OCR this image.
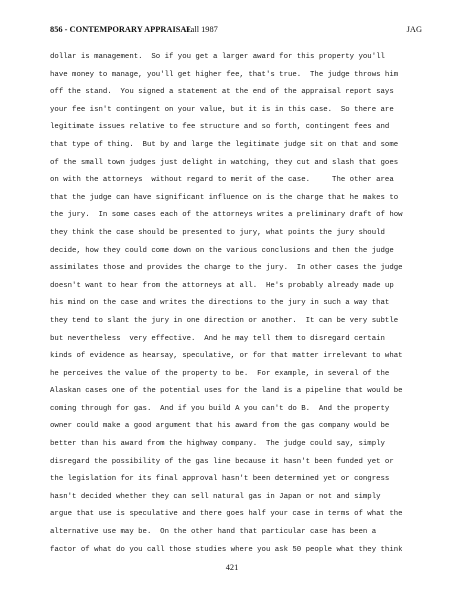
856 - CONTEMPORARY APPRAISAL
Fall 1987	JAG
dollar is management.  So if you get a larger award for this property you'll
have money to manage, you'll get higher fee, that's true.  The judge throws him
off the stand.  You signed a statement at the end of the appraisal report says
your fee isn't contingent on your value, but it is in this case.  So there are
legitimate issues relative to fee structure and so forth, contingent fees and
that type of thing.  But by and large the legitimate judge sit on that and some
of the small town judges just delight in watching, they cut and slash that goes
on with the attorneys  without regard to merit of the case.     The other area
that the judge can have significant influence on is the charge that he makes to
the jury.  In some cases each of the attorneys writes a preliminary draft of how
they think the case should be presented to jury, what points the jury should
decide, how they could come down on the various conclusions and then the judge
assimilates those and provides the charge to the jury.  In other cases the judge
doesn't want to hear from the attorneys at all.  He's probably already made up
his mind on the case and writes the directions to the jury in such a way that
they tend to slant the jury in one direction or another.  It can be very subtle
but nevertheless  very effective.  And he may tell them to disregard certain
kinds of evidence as hearsay, speculative, or for that matter irrelevant to what
he perceives the value of the property to be.  For example, in several of the
Alaskan cases one of the potential uses for the land is a pipeline that would be
coming through for gas.  And if you build A you can't do B.  And the property
owner could make a good argument that his award from the gas company would be
better than his award from the highway company.  The judge could say, simply
disregard the possibility of the gas line because it hasn't been funded yet or
the legislation for its final approval hasn't been determined yet or congress
hasn't decided whether they can sell natural gas in Japan or not and simply
argue that use is speculative and there goes half your case in terms of what the
alternative use may be.  On the other hand that particular case has been a
factor of what do you call those studies where you ask 50 people what they think
421
